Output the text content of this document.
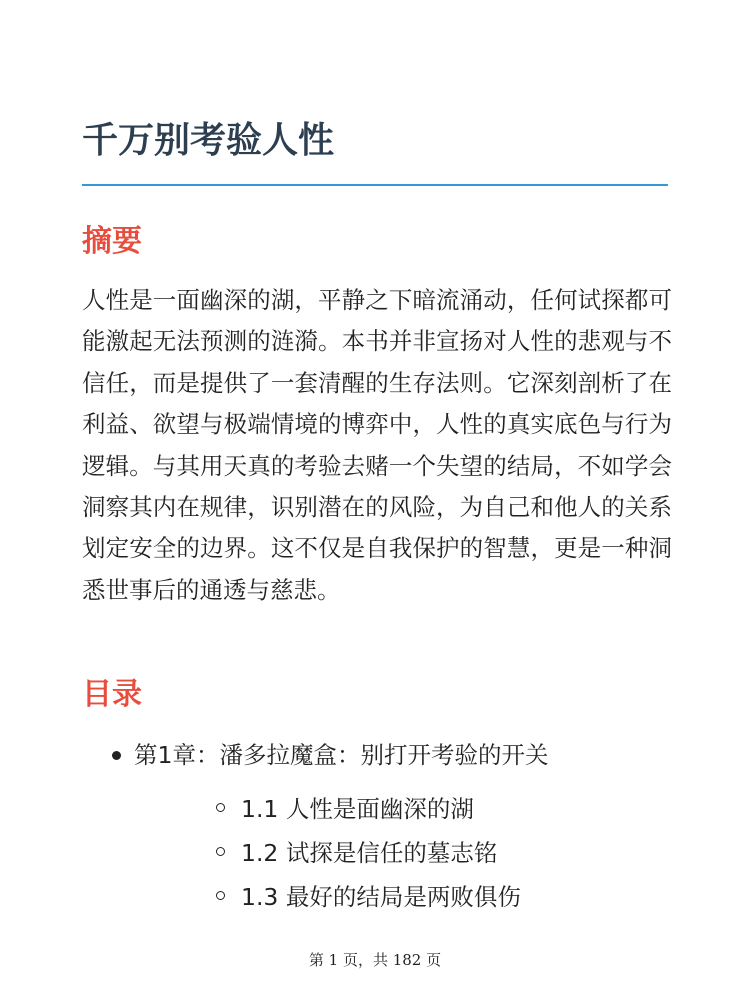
千万别考验人性
摘要

人性是一面幽深的湖，平静之下暗流涌动，任何试探都可能激起无法预测的涟漪。本书并非宣扬对人性的悲观与不信任，而是提供了一套清醒的生存法则。它深刻剖析了在利益、欲望与极端情境的博弈中，人性的真实底色与行为逻辑。与其用天真的考验去赌一个失望的结局，不如学会洞察其内在规律，识别潜在的风险，为自己和他人的关系划定安全的边界。这不仅是自我保护的智慧，更是一种洞悉世事后的通透与慈悲。

目录
第1章：潘多拉魔盒：别打开考验的开关
1.1 人性是面幽深的湖
1.2 试探是信任的墓志铭
1.3 最好的结局是两败俱伤
第 1 页，共 182 页
